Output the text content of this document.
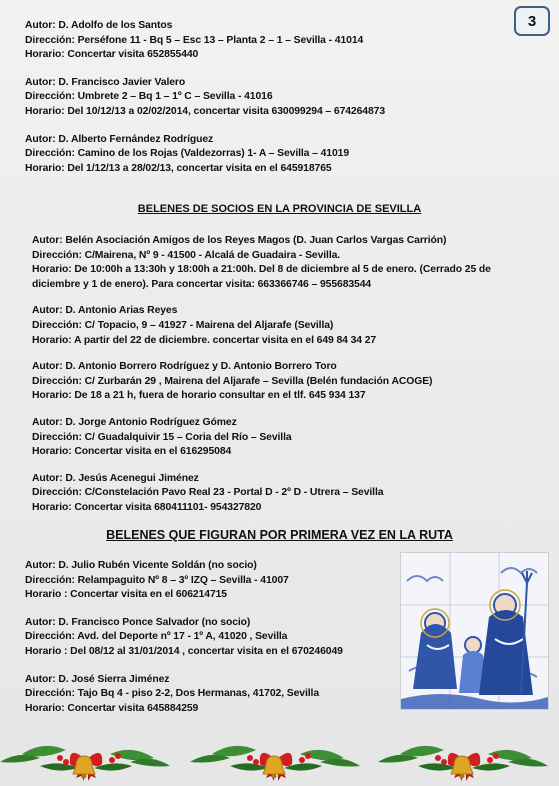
3
Autor: D. Adolfo de los Santos
Dirección: Perséfone 11 - Bq 5 – Esc 13 – Planta 2 – 1 – Sevilla - 41014
Horario: Concertar visita 652855440
Autor: D. Francisco Javier Valero
Dirección: Umbrete 2 – Bq 1 – 1º C – Sevilla - 41016
Horario: Del 10/12/13 a 02/02/2014, concertar visita 630099294 – 674264873
Autor: D. Alberto Fernández Rodríguez
Dirección: Camino de los Rojas (Valdezorras) 1- A – Sevilla – 41019
Horario: Del 1/12/13 a 28/02/13, concertar visita en el 645918765
BELENES DE SOCIOS EN LA PROVINCIA DE SEVILLA
Autor: Belén Asociación Amigos de los Reyes Magos (D. Juan Carlos Vargas Carrión)
Dirección: C/Mairena, Nº 9 - 41500 - Alcalá de Guadaira - Sevilla.
Horario: De 10:00h a 13:30h y 18:00h a 21:00h. Del 8 de diciembre al 5 de enero. (Cerrado 25 de diciembre y 1 de enero). Para concertar visita: 663366746 – 955683544
Autor: D. Antonio Arias Reyes
Dirección: C/ Topacio, 9 – 41927 - Mairena del Aljarafe (Sevilla)
Horario: A partir del 22 de diciembre. concertar visita en el 649 84 34 27
Autor: D. Antonio Borrero Rodríguez y D. Antonio Borrero Toro
Dirección: C/ Zurbarán 29 , Mairena del Aljarafe – Sevilla (Belén fundación ACOGE)
Horario: De 18 a 21 h, fuera de horario consultar en el tlf. 645 934 137
Autor: D. Jorge Antonio Rodríguez Gómez
Dirección: C/ Guadalquivir 15 – Coria del Río – Sevilla
Horario: Concertar visita en el 616295084
Autor: D. Jesús Acenegui Jiménez
Dirección: C/Constelación Pavo Real 23 - Portal D - 2º D - Utrera – Sevilla
Horario: Concertar visita 680411101- 954327820
BELENES QUE FIGURAN POR PRIMERA VEZ EN LA RUTA
Autor: D. Julio Rubén Vicente Soldán (no socio)
Dirección: Relampaguito Nº 8 – 3º IZQ – Sevilla - 41007
Horario : Concertar visita en el 606214715
Autor: D. Francisco Ponce Salvador (no socio)
Dirección: Avd. del Deporte nº 17 - 1º A, 41020 , Sevilla
Horario : Del 08/12 al 31/01/2014 , concertar visita en el 670246049
Autor: D. José Sierra Jiménez
Dirección: Tajo Bq 4 - piso 2-2, Dos Hermanas, 41702, Sevilla
Horario: Concertar visita 645884259
